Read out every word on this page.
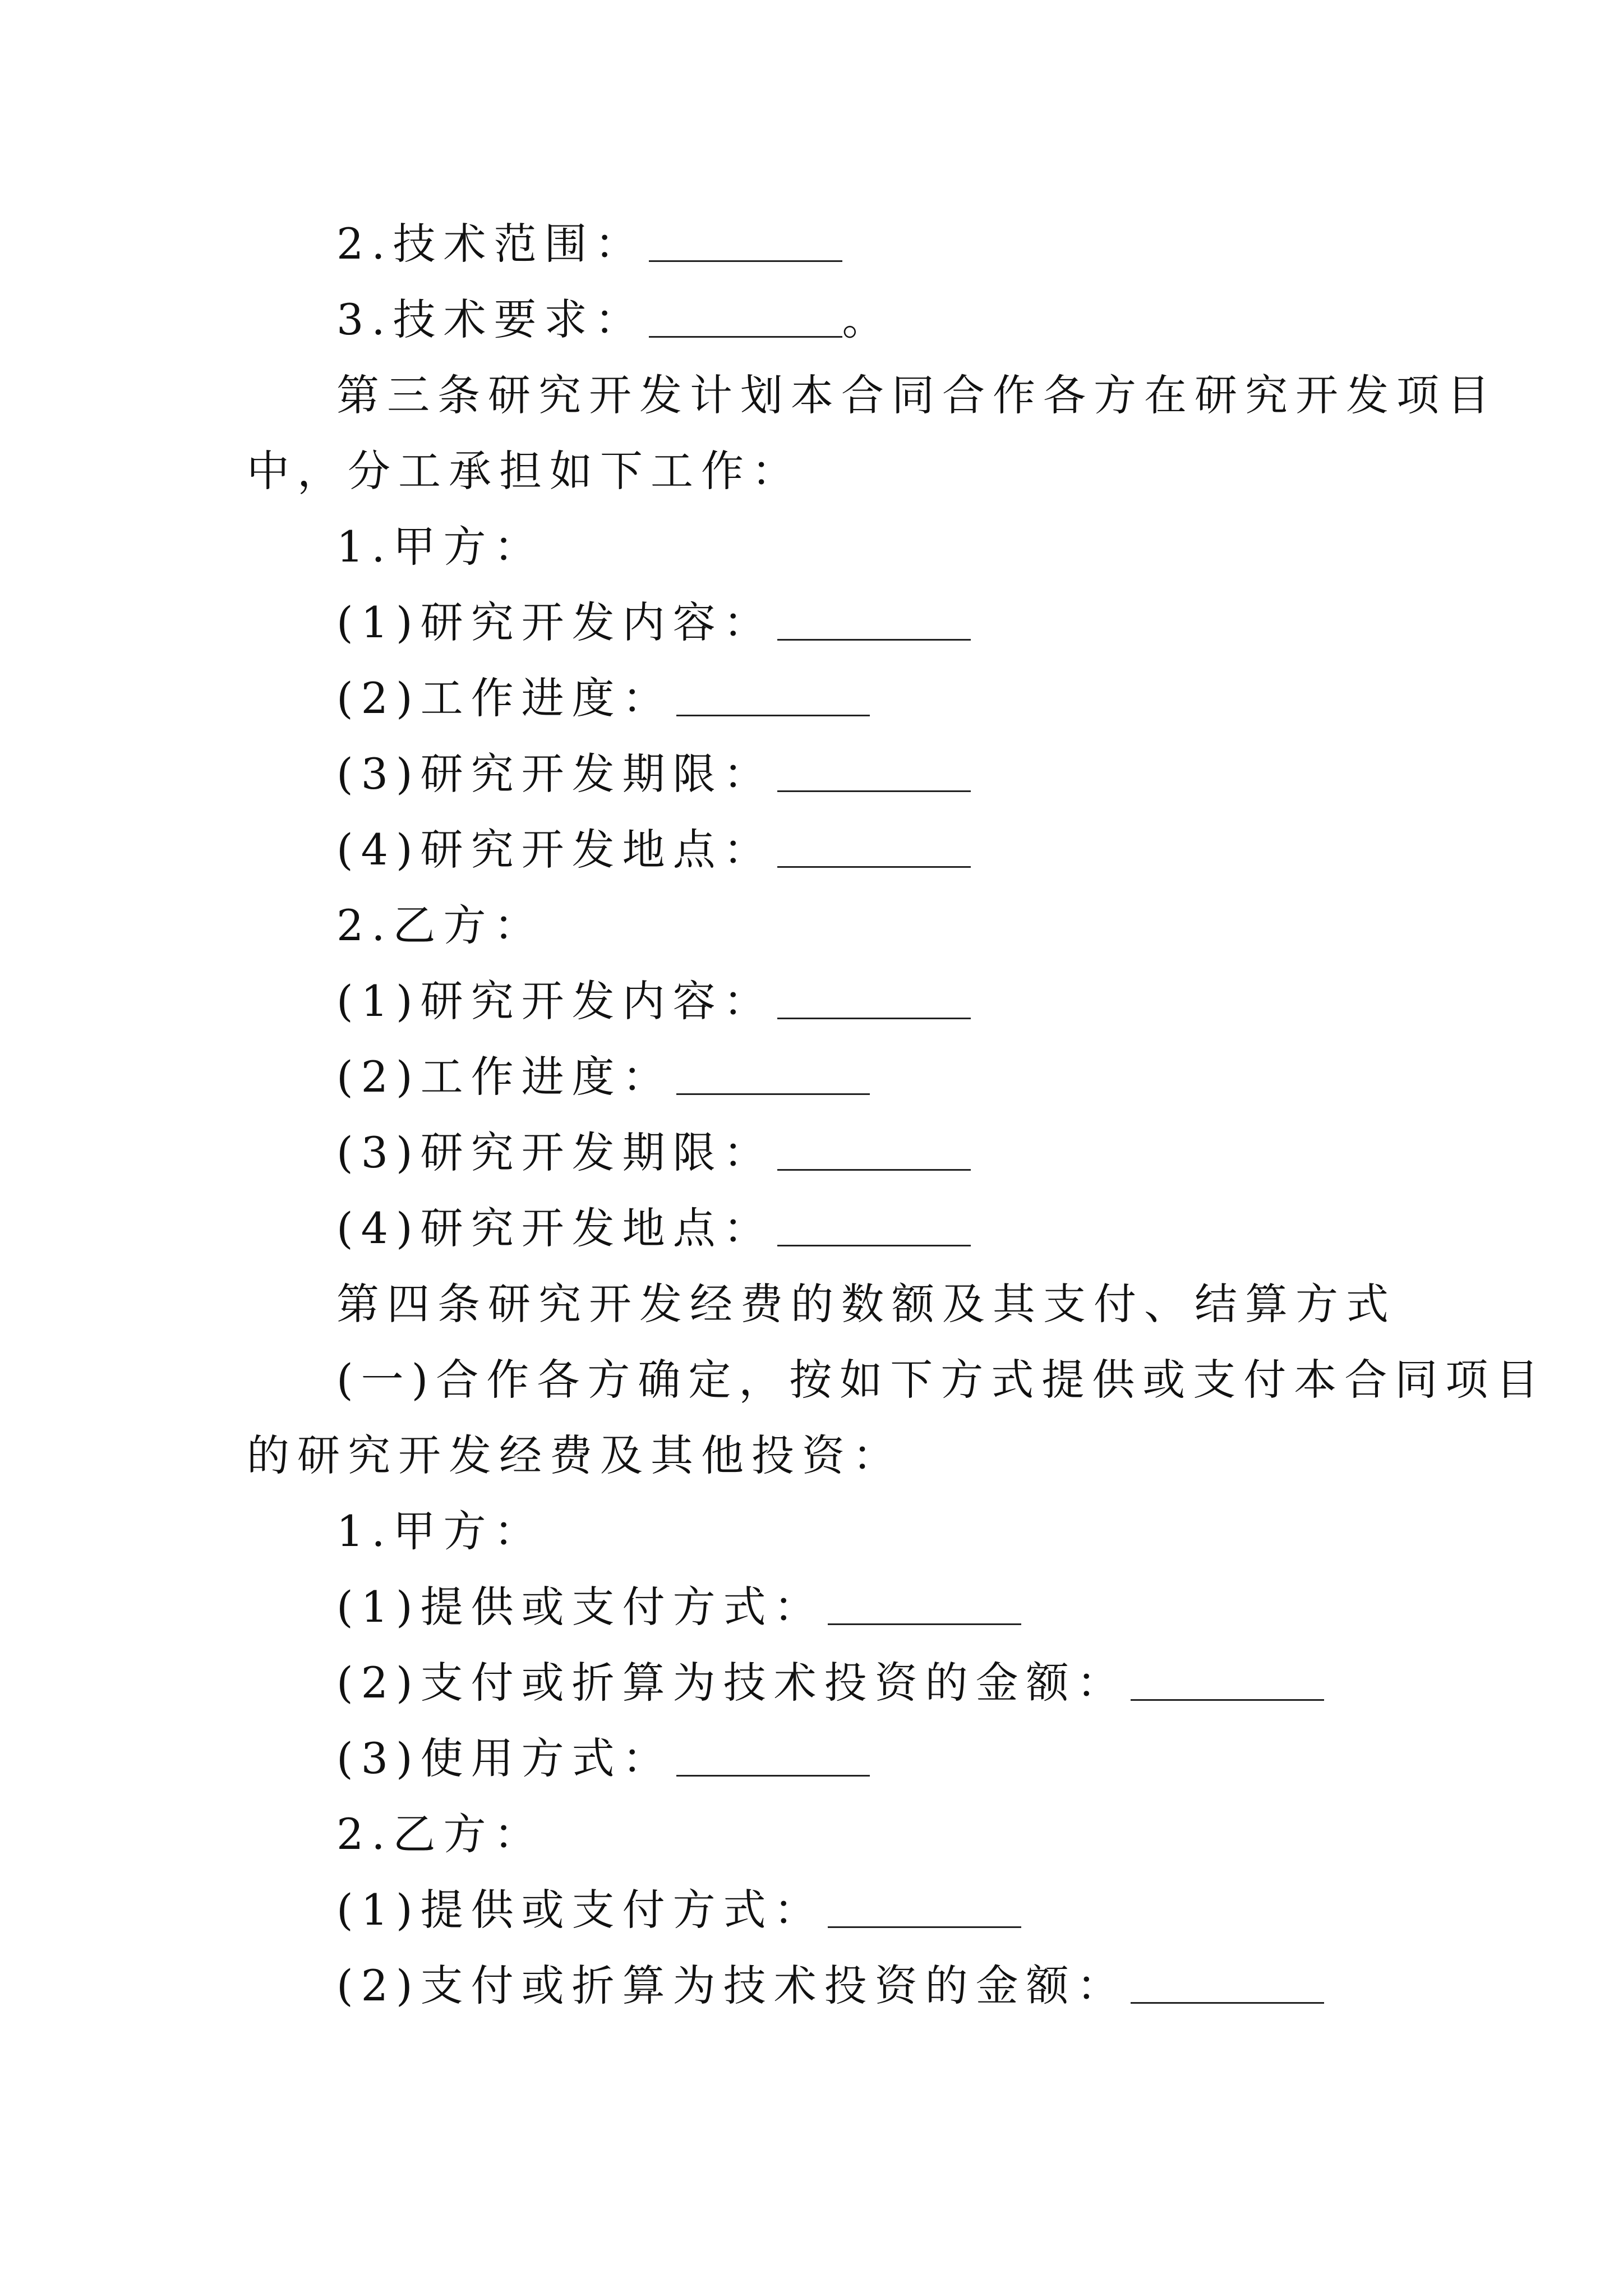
2.技术范围：
3.技术要求：	。
第三条研究开发计划本合同合作各方在研究开发项目
中，分工承担如下工作：
1.甲方：
(1)研究开发内容：
(2)工作进度：
(3)研究开发期限：
(4)研究开发地点：
2.乙方：
(1)研究开发内容：
(2)工作进度：
(3)研究开发期限：
(4)研究开发地点：
第四条研究开发经费的数额及其支付、结算方式
(一)合作各方确定，按如下方式提供或支付本合同项目
的研究开发经费及其他投资：
1.甲方：
(1)提供或支付方式：
(2)支付或折算为技术投资的金额：
(3)使用方式：
2.乙方：
(1)提供或支付方式：
(2)支付或折算为技术投资的金额：
